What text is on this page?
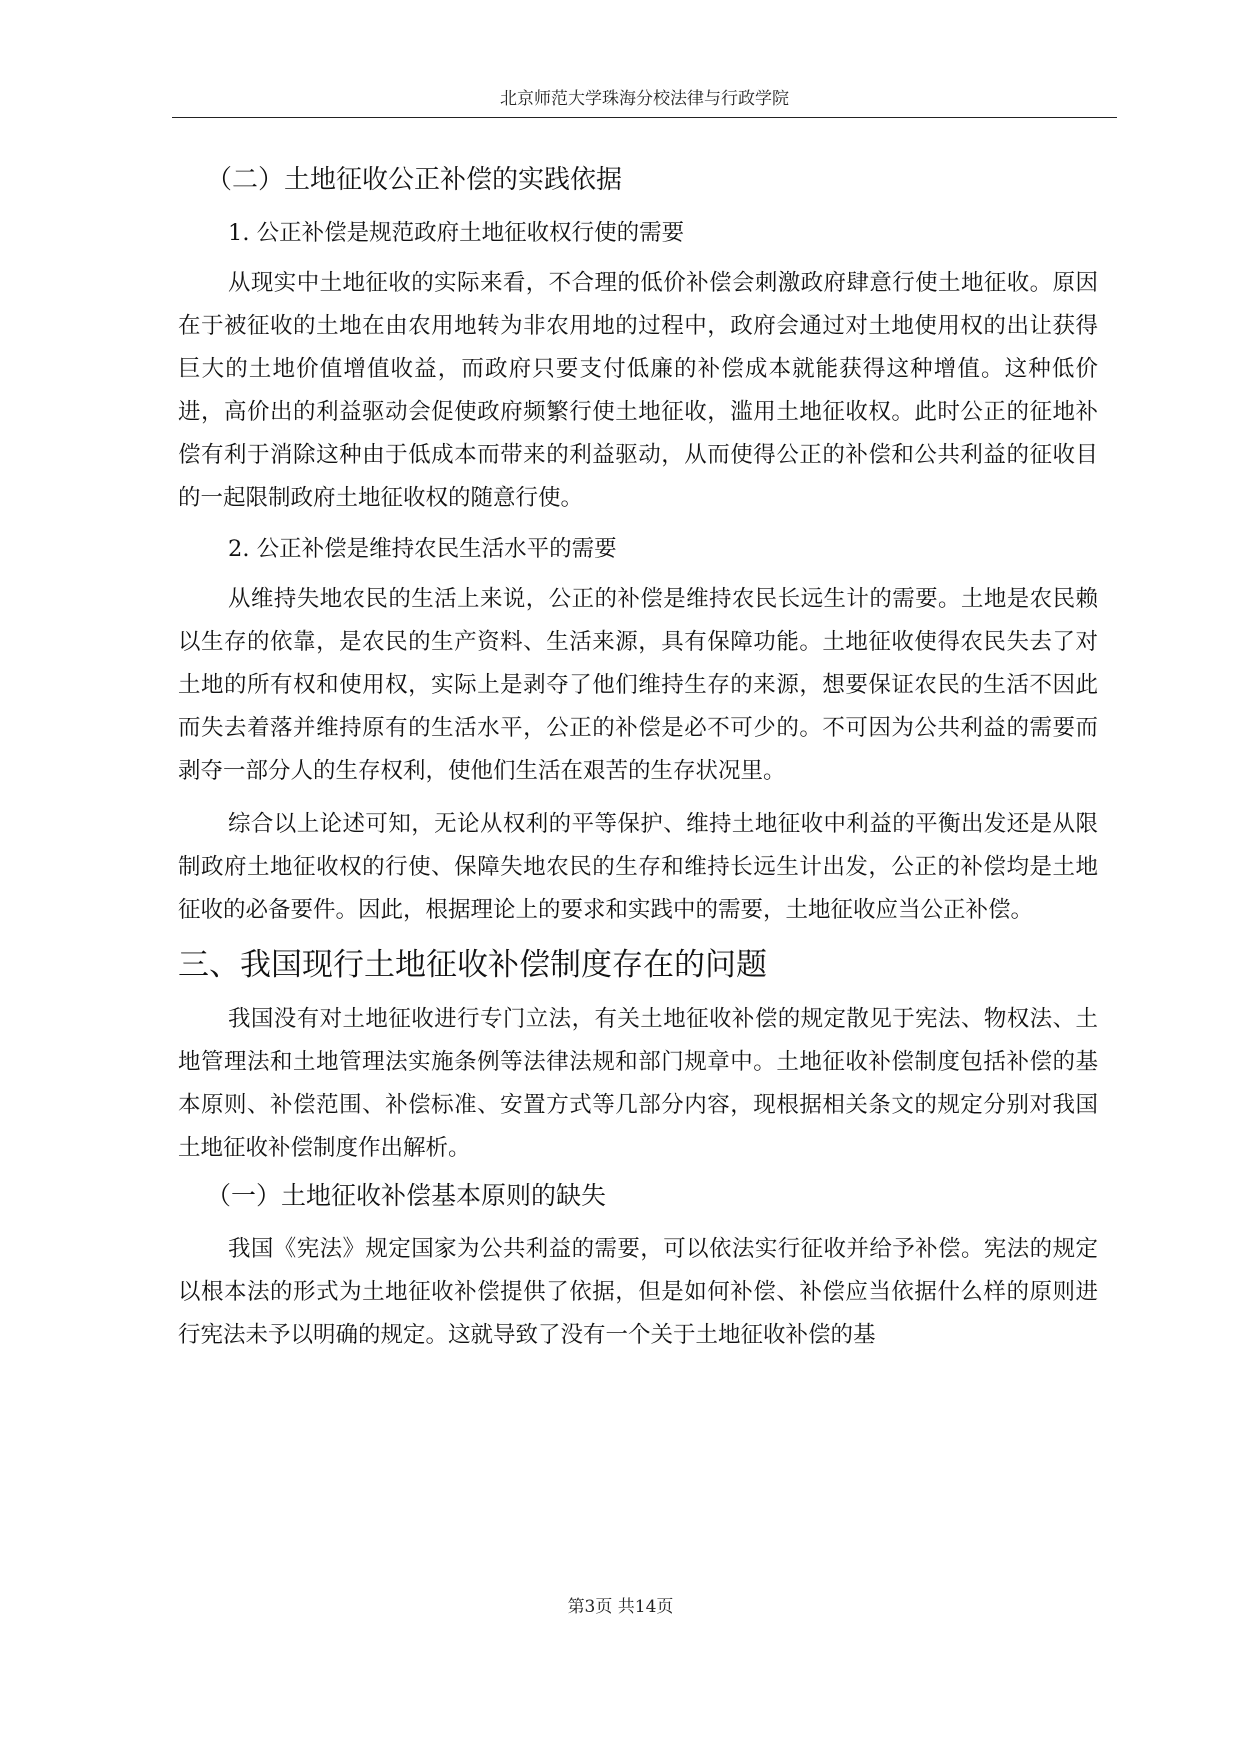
北京师范大学珠海分校法律与行政学院
（二）土地征收公正补偿的实践依据
1. 公正补偿是规范政府土地征收权行使的需要

从现实中土地征收的实际来看，不合理的低价补偿会刺激政府肆意行使土地征收。原因在于被征收的土地在由农用地转为非农用地的过程中，政府会通过对土地使用权的出让获得巨大的土地价值增值收益，而政府只要支付低廉的补偿成本就能获得这种增值。这种低价进，高价出的利益驱动会促使政府频繁行使土地征收，滥用土地征收权。此时公正的征地补偿有利于消除这种由于低成本而带来的利益驱动，从而使得公正的补偿和公共利益的征收目的一起限制政府土地征收权的随意行使。

2. 公正补偿是维持农民生活水平的需要

从维持失地农民的生活上来说，公正的补偿是维持农民长远生计的需要。土地是农民赖以生存的依靠，是农民的生产资料、生活来源，具有保障功能。土地征收使得农民失去了对土地的所有权和使用权，实际上是剥夺了他们维持生存的来源，想要保证农民的生活不因此而失去着落并维持原有的生活水平，公正的补偿是必不可少的。不可因为公共利益的需要而剥夺一部分人的生存权利，使他们生活在艰苦的生存状况里。

综合以上论述可知，无论从权利的平等保护、维持土地征收中利益的平衡出发还是从限制政府土地征收权的行使、保障失地农民的生存和维持长远生计出发，公正的补偿均是土地征收的必备要件。因此，根据理论上的要求和实践中的需要，土地征收应当公正补偿。

三、我国现行土地征收补偿制度存在的问题

我国没有对土地征收进行专门立法，有关土地征收补偿的规定散见于宪法、物权法、土地管理法和土地管理法实施条例等法律法规和部门规章中。土地征收补偿制度包括补偿的基本原则、补偿范围、补偿标准、安置方式等几部分内容，现根据相关条文的规定分别对我国土地征收补偿制度作出解析。

（一）土地征收补偿基本原则的缺失

我国《宪法》规定国家为公共利益的需要，可以依法实行征收并给予补偿。宪法的规定以根本法的形式为土地征收补偿提供了依据，但是如何补偿、补偿应当依据什么样的原则进行宪法未予以明确的规定。这就导致了没有一个关于土地征收补偿的基

第3页 共14页
